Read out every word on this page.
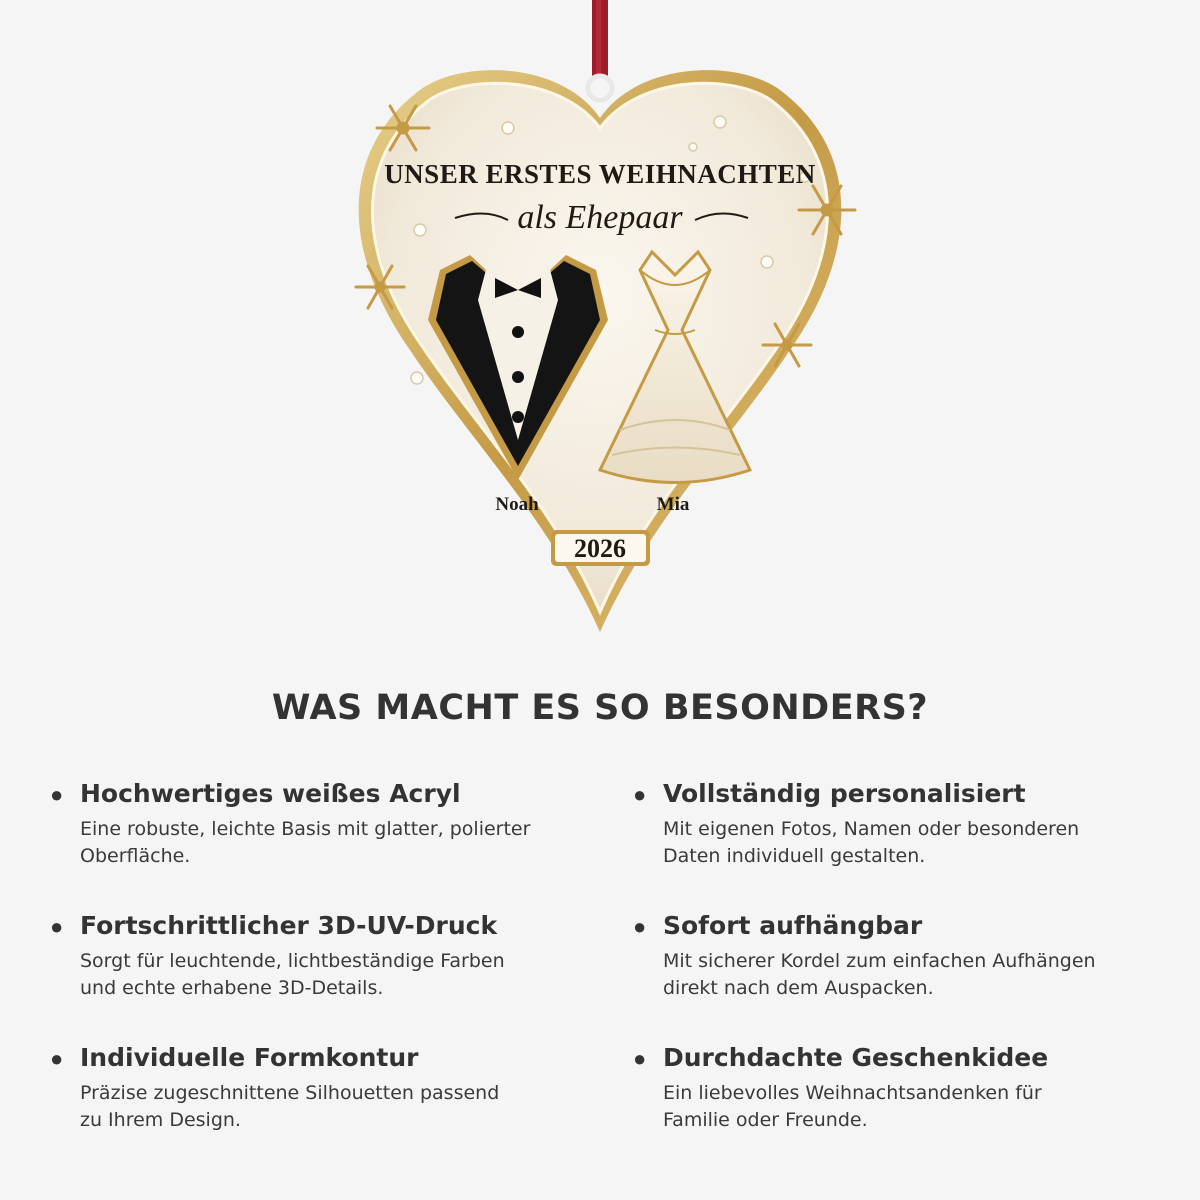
UNSER ERSTES WEIHNACHTEN
als Ehepaar
Noah	Mia
2026
WAS MACHT ES SO BESONDERS?
● Hochwertiges weißes Acryl

Eine robuste, leichte Basis mit glatter, polierter
Oberfläche.

● Vollständig personalisiert

Mit eigenen Fotos, Namen oder besonderen
Daten individuell gestalten.

● Fortschrittlicher 3D-UV-Druck

Sorgt für leuchtende, lichtbeständige Farben
und echte erhabene 3D-Details.

● Sofort aufhängbar

Mit sicherer Kordel zum einfachen Aufhängen
direkt nach dem Auspacken.

● Individuelle Formkontur

Präzise zugeschnittene Silhouetten passend
zu Ihrem Design.

● Durchdachte Geschenkidee

Ein liebevolles Weihnachtsandenken für
Familie oder Freunde.
